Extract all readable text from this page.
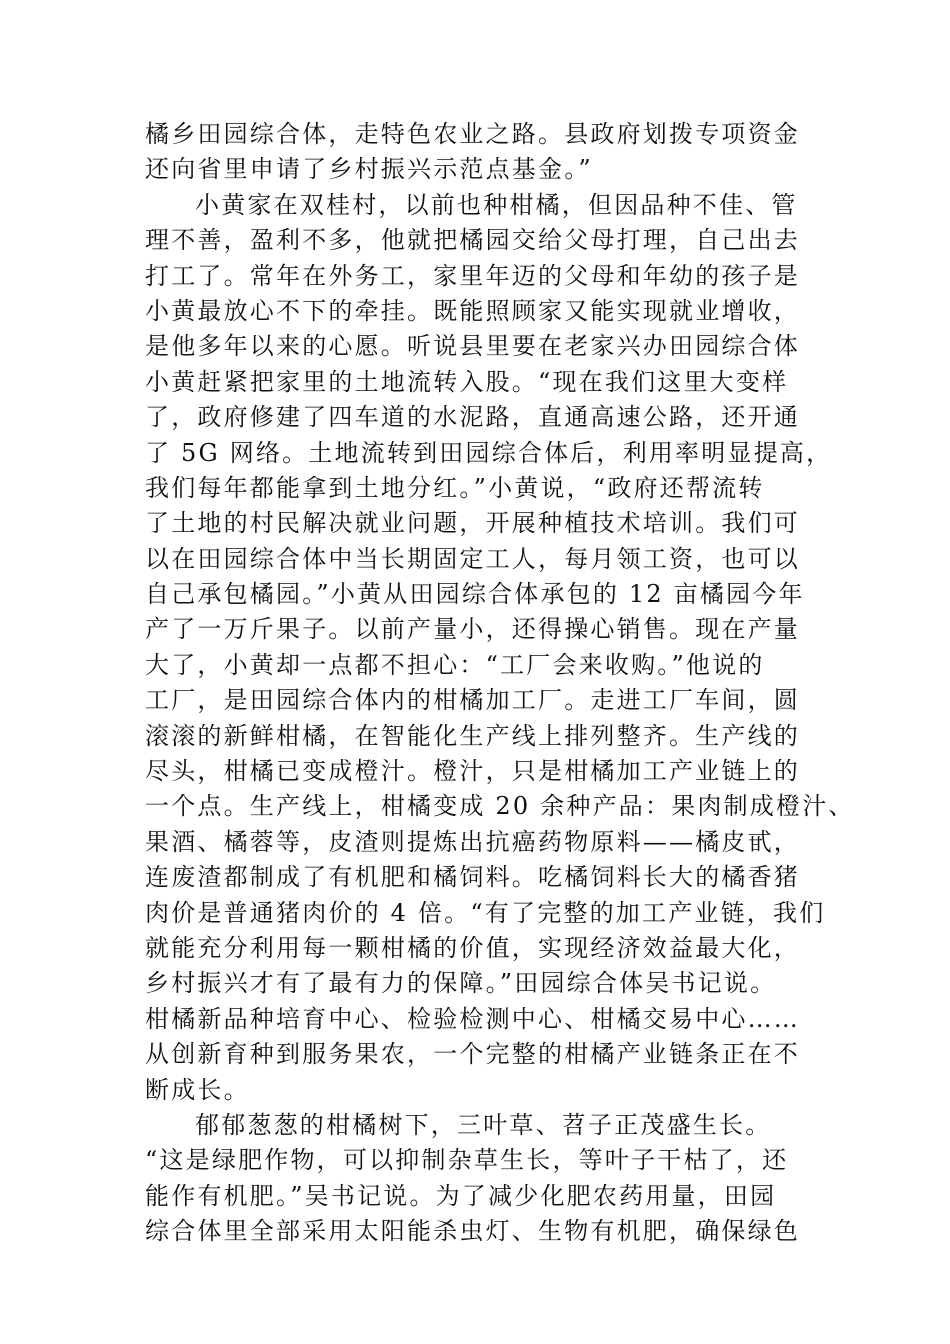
橘乡田园综合体，走特色农业之路。县政府划拨专项资金
还向省里申请了乡村振兴示范点基金。”
小黄家在双桂村，以前也种柑橘，但因品种不佳、管
理不善，盈利不多，他就把橘园交给父母打理，自己出去
打工了。常年在外务工，家里年迈的父母和年幼的孩子是
小黄最放心不下的牵挂。既能照顾家又能实现就业增收，
是他多年以来的心愿。听说县里要在老家兴办田园综合体
小黄赶紧把家里的土地流转入股。“现在我们这里大变样
了，政府修建了四车道的水泥路，直通高速公路，还开通
了 5G 网络。土地流转到田园综合体后，利用率明显提高，
我们每年都能拿到土地分红。”小黄说，“政府还帮流转
了土地的村民解决就业问题，开展种植技术培训。我们可
以在田园综合体中当长期固定工人，每月领工资，也可以
自己承包橘园。”小黄从田园综合体承包的 12 亩橘园今年
产了一万斤果子。以前产量小，还得操心销售。现在产量
大了，小黄却一点都不担心：“工厂会来收购。”他说的
工厂，是田园综合体内的柑橘加工厂。走进工厂车间，圆
滚滚的新鲜柑橘，在智能化生产线上排列整齐。生产线的
尽头，柑橘已变成橙汁。橙汁，只是柑橘加工产业链上的
一个点。生产线上，柑橘变成 20 余种产品：果肉制成橙汁、
果酒、橘蓉等，皮渣则提炼出抗癌药物原料——橘皮甙，
连废渣都制成了有机肥和橘饲料。吃橘饲料长大的橘香猪
肉价是普通猪肉价的 4 倍。“有了完整的加工产业链，我们
就能充分利用每一颗柑橘的价值，实现经济效益最大化，
乡村振兴才有了最有力的保障。”田园综合体吴书记说。
柑橘新品种培育中心、检验检测中心、柑橘交易中心……
从创新育种到服务果农，一个完整的柑橘产业链条正在不
断成长。
郁郁葱葱的柑橘树下，三叶草、苕子正茂盛生长。
“这是绿肥作物，可以抑制杂草生长，等叶子干枯了，还
能作有机肥。”吴书记说。为了减少化肥农药用量，田园
综合体里全部采用太阳能杀虫灯、生物有机肥，确保绿色
